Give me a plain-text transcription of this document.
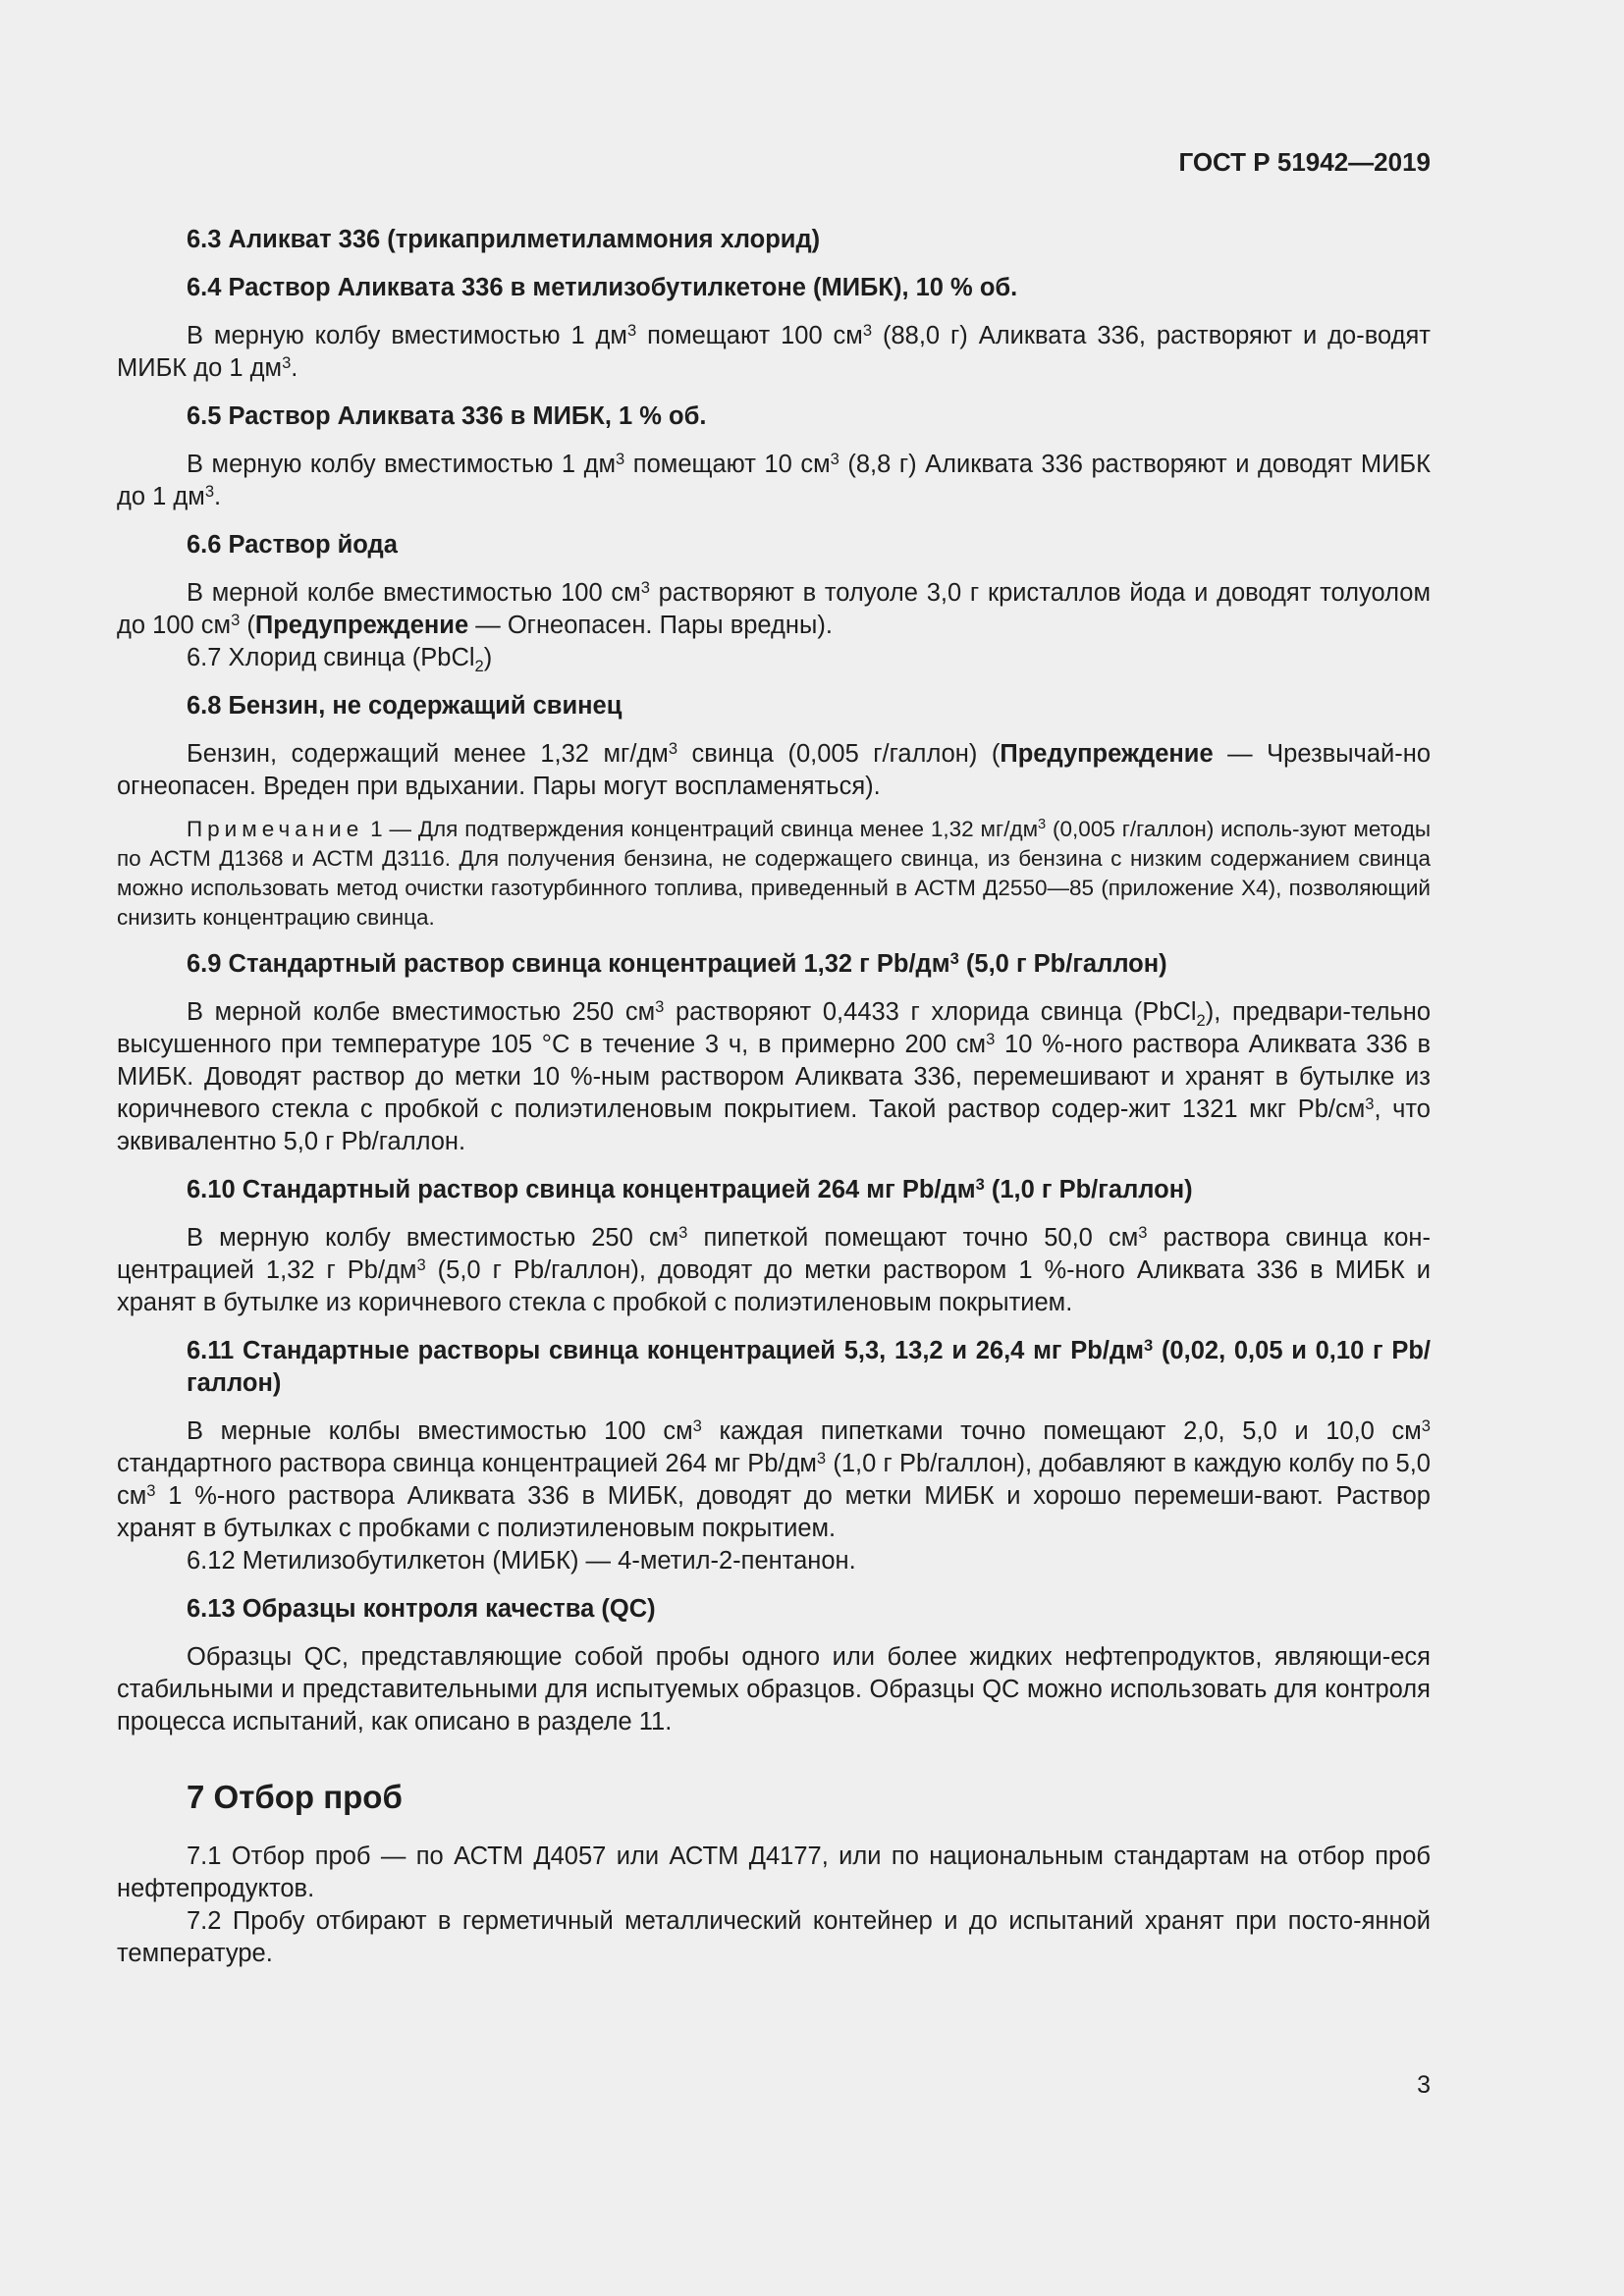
ГОСТ Р 51942—2019

6.3 Аликват 336 (трикаприлметиламмония хлорид)

6.4 Раствор Аликвата 336 в метилизобутилкетоне (МИБК), 10 % об.

В мерную колбу вместимостью 1 $дм^3$ помещают 100 $см^3$ (88,0 г) Аликвата 336, растворяют и до-водят МИБК до 1 $дм^3$.

6.5 Раствор Аликвата 336 в МИБК, 1 % об.

В мерную колбу вместимостью 1 $дм^3$ помещают 10 $см^3$ (8,8 г) Аликвата 336 растворяют и доводят МИБК до 1 $дм^3$.

6.6 Раствор йода

В мерной колбе вместимостью 100 $см^3$ растворяют в толуоле 3,0 г кристаллов йода и доводят толуолом до 100 $см^3$ (Предупреждение — Огнеопасен. Пары вредны).

6.7 Хлорид свинца (PbCl$_2$)

6.8 Бензин, не содержащий свинец

Бензин, содержащий менее 1,32 $мг/дм^3$ свинца (0,005 г/галлон) (Предупреждение — Чрезвычай-но огнеопасен. Вреден при вдыхании. Пары могут воспламеняться).

Примечание 1 — Для подтверждения концентраций свинца менее 1,32 $мг/дм^3$ (0,005 г/галлон) исполь-зуют методы по АСТМ Д1368 и АСТМ Д3116. Для получения бензина, не содержащего свинца, из бензина с низким содержанием свинца можно использовать метод очистки газотурбинного топлива, приведенный в АСТМ Д2550—85 (приложение X4), позволяющий снизить концентрацию свинца.

6.9 Стандартный раствор свинца концентрацией 1,32 г $Pb/дм^3$ (5,0 г Pb/галлон)

В мерной колбе вместимостью 250 $см^3$ растворяют 0,4433 г хлорида свинца (PbCl$_2$), предвари-тельно высушенного при температуре 105 °C в течение 3 ч, в примерно 200 $см^3$ 10 %-ного раствора Аликвата 336 в МИБК. Доводят раствор до метки 10 %-ным раствором Аликвата 336, перемешивают и хранят в бутылке из коричневого стекла с пробкой с полиэтиленовым покрытием. Такой раствор содер-жит 1321 мкг $Pb/см^3$, что эквивалентно 5,0 г Pb/галлон.

6.10 Стандартный раствор свинца концентрацией 264 мг $Pb/дм^3$ (1,0 г Pb/галлон)

В мерную колбу вместимостью 250 $см^3$ пипеткой помещают точно 50,0 $см^3$ раствора свинца кон-центрацией 1,32 г $Pb/дм^3$ (5,0 г Pb/галлон), доводят до метки раствором 1 %-ного Аликвата 336 в МИБК и хранят в бутылке из коричневого стекла с пробкой с полиэтиленовым покрытием.

6.11 Стандартные растворы свинца концентрацией 5,3, 13,2 и 26,4 мг $Pb/дм^3$ (0,02, 0,05 и 0,10 г Pb/галлон)

В мерные колбы вместимостью 100 $см^3$ каждая пипетками точно помещают 2,0, 5,0 и 10,0 $см^3$ стандартного раствора свинца концентрацией 264 мг $Pb/дм^3$ (1,0 г Pb/галлон), добавляют в каждую колбу по 5,0 $см^3$ 1 %-ного раствора Аликвата 336 в МИБК, доводят до метки МИБК и хорошо перемеши-вают. Раствор хранят в бутылках с пробками с полиэтиленовым покрытием.

6.12 Метилизобутилкетон (МИБК) — 4-метил-2-пентанон.

6.13 Образцы контроля качества (QC)

Образцы QC, представляющие собой пробы одного или более жидких нефтепродуктов, являющи-еся стабильными и представительными для испытуемых образцов. Образцы QC можно использовать для контроля процесса испытаний, как описано в разделе 11.

7 Отбор проб

7.1 Отбор проб — по АСТМ Д4057 или АСТМ Д4177, или по национальным стандартам на отбор проб нефтепродуктов.

7.2 Пробу отбирают в герметичный металлический контейнер и до испытаний хранят при посто-янной температуре.

3
